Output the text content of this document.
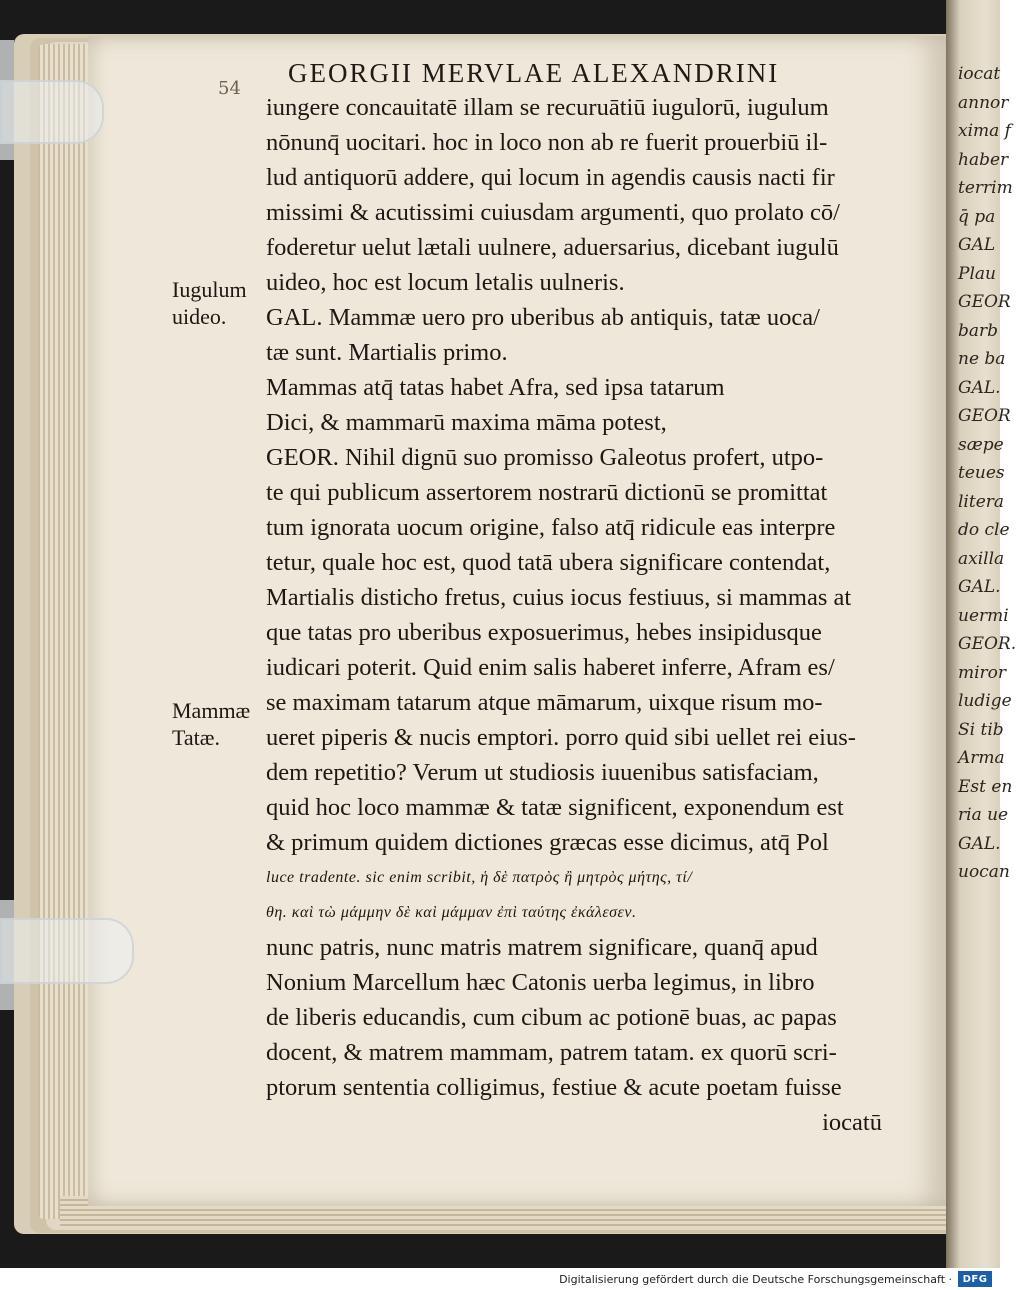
iocat
annor
xima f
haber
terrim
q̄ pa
GAL
Plau
GEOR
barb
ne ba
GAL.
GEOR
sæpe
teues
litera
do cle
axilla
GAL.
uermi
GEOR.
miror
ludige
Si tib
Arma
Est en
ria ue
GAL.
uocan
54
GEORGII MERVLAE ALEXANDRINI
Iugulum
uideo.
Mammæ
Tatæ.
iungere concauitatē illam se recuruātiū iugulorū, iugulum
nōnunq̄ uocitari. hoc in loco non ab re fuerit prouerbiū il-
lud antiquorū addere, qui locum in agendis causis nacti fir
missimi & acutissimi cuiusdam argumenti, quo prolato cō/
foderetur uelut lætali uulnere, aduersarius, dicebant iugulū
uideo, hoc est locum letalis uulneris.
GAL. Mammæ uero pro uberibus ab antiquis, tatæ uoca/
tæ sunt. Martialis primo.
Mammas atq̄ tatas habet Afra, sed ipsa tatarum
Dici, & mammarū maxima māma potest,
GEOR. Nihil dignū suo promisso Galeotus profert, utpo-
te qui publicum assertorem nostrarū dictionū se promittat
tum ignorata uocum origine, falso atq̄ ridicule eas interpre
tetur, quale hoc est, quod tatā ubera significare contendat,
Martialis disticho fretus, cuius iocus festiuus, si mammas at
que tatas pro uberibus exposuerimus, hebes insipidusque
iudicari poterit. Quid enim salis haberet inferre, Afram es/
se maximam tatarum atque māmarum, uixque risum mo-
ueret piperis & nucis emptori. porro quid sibi uellet rei eius-
dem repetitio? Verum ut studiosis iuuenibus satisfaciam,
quid hoc loco mammæ & tatæ significent, exponendum est
& primum quidem dictiones græcas esse dicimus, atq̄ Pol
luce tradente. sic enim scribit, ἡ δὲ πατρὸς ἢ μητρὸς μήτης, τί/
θη. καὶ τὼ μάμμην δὲ καὶ μάμμαν ἐπὶ ταύτης ἐκάλεσεν.
nunc patris, nunc matris matrem significare, quanq̄ apud
Nonium Marcellum hæc Catonis uerba legimus, in libro
de liberis educandis, cum cibum ac potionē buas, ac papas
docent, & matrem mammam, patrem tatam. ex quorū scri-
ptorum sententia colligimus, festiue & acute poetam fuisse
iocatū
Digitalisierung gefördert durch die Deutsche Forschungsgemeinschaft ·	DFG
